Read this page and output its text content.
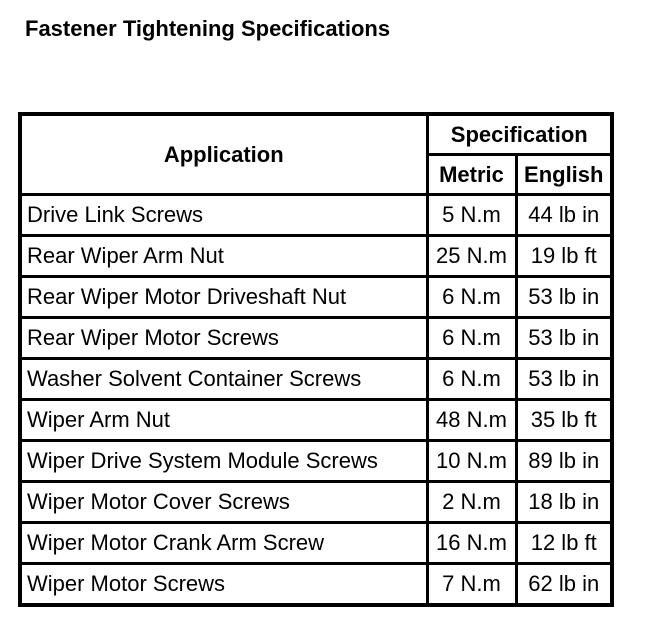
Fastener Tightening Specifications
Application	Specification	
	Metric	English
Drive Link Screws	5 N.m	44 lb in
Rear Wiper Arm Nut	25 N.m	19 lb ft
Rear Wiper Motor Driveshaft Nut	6 N.m	53 lb in
Rear Wiper Motor Screws	6 N.m	53 lb in
Washer Solvent Container Screws	6 N.m	53 lb in
Wiper Arm Nut	48 N.m	35 lb ft
Wiper Drive System Module Screws	10 N.m	89 lb in
Wiper Motor Cover Screws	2 N.m	18 lb in
Wiper Motor Crank Arm Screw	16 N.m	12 lb ft
Wiper Motor Screws	7 N.m	62 lb in
